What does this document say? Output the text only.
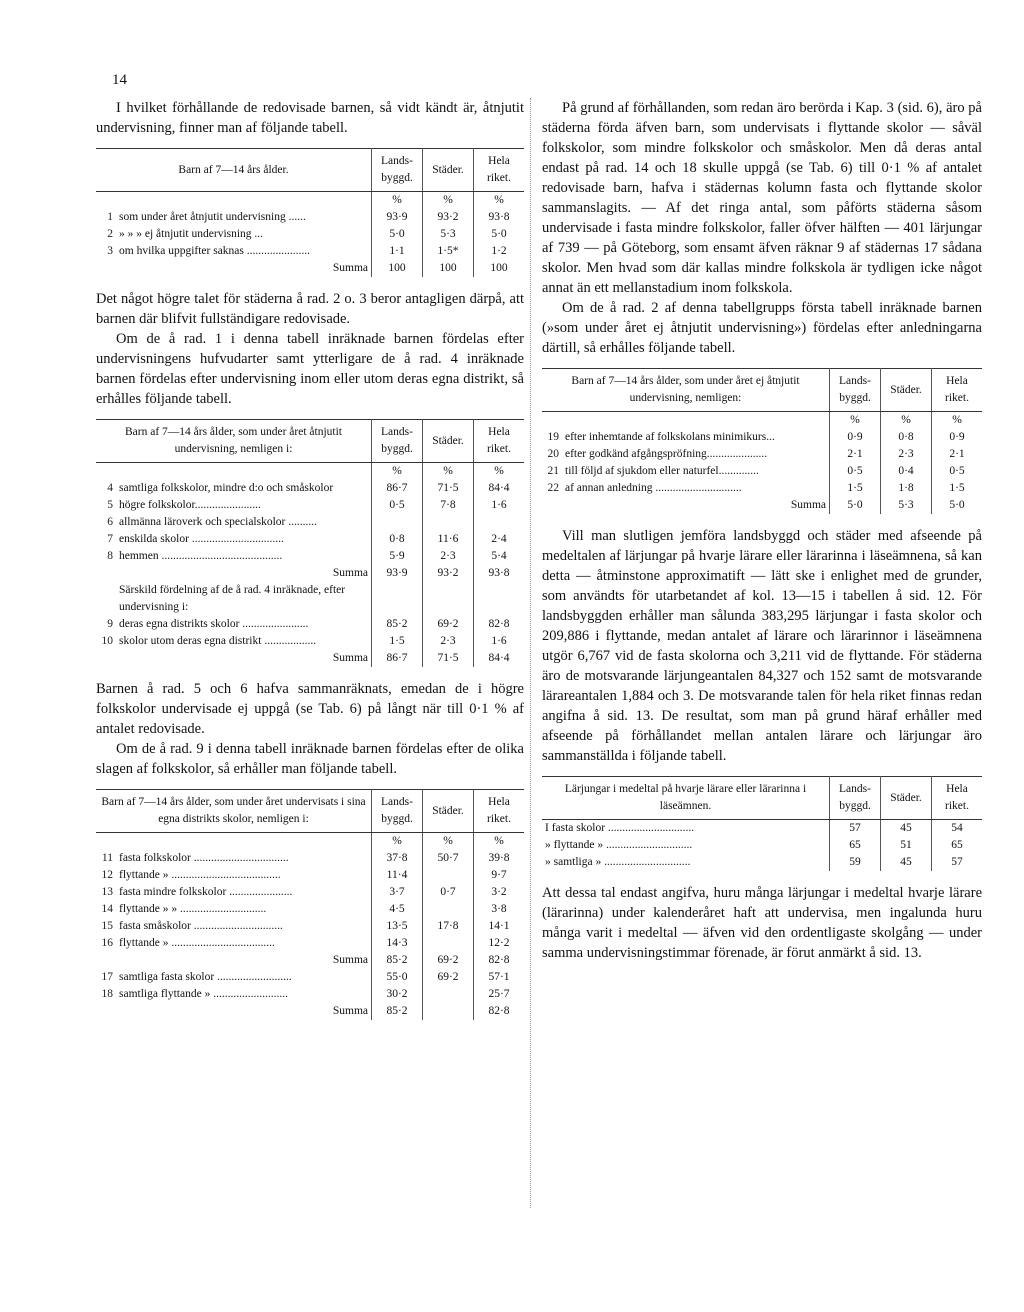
14

I hvilket förhållande de redovisade barnen, så vidt kändt är, åtnjutit undervisning, finner man af följande tabell.

Barn af 7—14 års ålder.		Lands-byggd.	Städer.	Hela riket.
		%	%	%
1	som under året åtnjutit undervisning ......	93·9	93·2	93·8
2	» » » ej åtnjutit undervisning ...	5·0	5·3	5·0
3	om hvilka uppgifter saknas ......................	1·1	1·5*	1·2
	Summa	100	100	100

Det något högre talet för städerna å rad. 2 o. 3 beror antagligen därpå, att barnen där blifvit fullständigare redovisade.

Om de å rad. 1 i denna tabell inräknade barnen fördelas efter undervisningens hufvudarter samt ytterligare de å rad. 4 inräknade barnen fördelas efter undervisning inom eller utom deras egna distrikt, så erhålles följande tabell.

Barn af 7—14 års ålder, som under året åtnjutit undervisning, nemligen i:		Lands-byggd.	Städer.	Hela riket.
		%	%	%
4	samtliga folkskolor, mindre d:o och småskolor	86·7	71·5	84·4
5	högre folkskolor.......................	0·5	7·8	1·6
6	allmänna läroverk och specialskolor ..........			
7	enskilda skolor ................................	0·8	11·6	2·4
8	hemmen ..........................................	5·9	2·3	5·4
	Summa	93·9	93·2	93·8
	Särskild fördelning af de å rad. 4 inräknade, efter undervisning i:			
9	deras egna distrikts skolor .......................	85·2	69·2	82·8
10	skolor utom deras egna distrikt ..................	1·5	2·3	1·6
	Summa	86·7	71·5	84·4

Barnen å rad. 5 och 6 hafva sammanräknats, emedan de i högre folkskolor undervisade ej uppgå (se Tab. 6) på långt när till 0·1 % af antalet redovisade.

Om de å rad. 9 i denna tabell inräknade barnen fördelas efter de olika slagen af folkskolor, så erhåller man följande tabell.

Barn af 7—14 års ålder, som under året undervisats i sina egna distrikts skolor, nemligen i:		Lands-byggd.	Städer.	Hela riket.
		%	%	%
11	fasta folkskolor .................................	37·8	50·7	39·8
12	flyttande » ......................................	11·4		9·7
13	fasta mindre folkskolor ......................	3·7	0·7	3·2
14	flyttande » » ..............................	4·5		3·8
15	fasta småskolor ...............................	13·5	17·8	14·1
16	flyttande » ....................................	14·3		12·2
	Summa	85·2	69·2	82·8
17	samtliga fasta skolor ..........................	55·0	69·2	57·1
18	samtliga flyttande » ..........................	30·2		25·7
	Summa	85·2		82·8

På grund af förhållanden, som redan äro berörda i Kap. 3 (sid. 6), äro på städerna förda äfven barn, som undervisats i flyttande skolor — såväl folkskolor, som mindre folkskolor och småskolor. Men då deras antal endast på rad. 14 och 18 skulle uppgå (se Tab. 6) till 0·1 % af antalet redovisade barn, hafva i städernas kolumn fasta och flyttande skolor sammanslagits. — Af det ringa antal, som påförts städerna såsom undervisade i fasta mindre folkskolor, faller öfver hälften — 401 lärjungar af 739 — på Göteborg, som ensamt äfven räknar 9 af städernas 17 sådana skolor. Men hvad som där kallas mindre folkskola är tydligen icke något annat än ett mellanstadium inom folkskola.

Om de å rad. 2 af denna tabellgrupps första tabell inräknade barnen (»som under året ej åtnjutit undervisning») fördelas efter anledningarna därtill, så erhålles följande tabell.

Barn af 7—14 års ålder, som under året ej åtnjutit undervisning, nemligen:		Lands-byggd.	Städer.	Hela riket.
		%	%	%
19	efter inhemtande af folkskolans minimikurs...	0·9	0·8	0·9
20	efter godkänd afgångspröfning.....................	2·1	2·3	2·1
21	till följd af sjukdom eller naturfel..............	0·5	0·4	0·5
22	af annan anledning ..............................	1·5	1·8	1·5
	Summa	5·0	5·3	5·0

Vill man slutligen jemföra landsbyggd och städer med afseende på medeltalen af lärjungar på hvarje lärare eller lärarinna i läseämnena, så kan detta — åtminstone approximatift — lätt ske i enlighet med de grunder, som användts för utarbetandet af kol. 13—15 i tabellen å sid. 12. För landsbyggden erhåller man sålunda 383,295 lärjungar i fasta skolor och 209,886 i flyttande, medan antalet af lärare och lärarinnor i läseämnena utgör 6,767 vid de fasta skolorna och 3,211 vid de flyttande. För städerna äro de motsvarande lärjungeantalen 84,327 och 152 samt de motsvarande lärareantalen 1,884 och 3. De motsvarande talen för hela riket finnas redan angifna å sid. 13. De resultat, som man på grund häraf erhåller med afseende på förhållandet mellan antalen lärare och lärjungar äro sammanställda i följande tabell.

Lärjungar i medeltal på hvarje lärare eller lärarinna i läseämnen.	Lands-byggd.	Städer.	Hela riket.
I fasta skolor ..............................	57	45	54
» flyttande » ..............................	65	51	65
» samtliga » ..............................	59	45	57

Att dessa tal endast angifva, huru många lärjungar i medeltal hvarje lärare (lärarinna) under kalenderåret haft att undervisa, men ingalunda huru många varit i medeltal — äfven vid den ordentligaste skolgång — under samma undervisningstimmar förenade, är förut anmärkt å sid. 13.
